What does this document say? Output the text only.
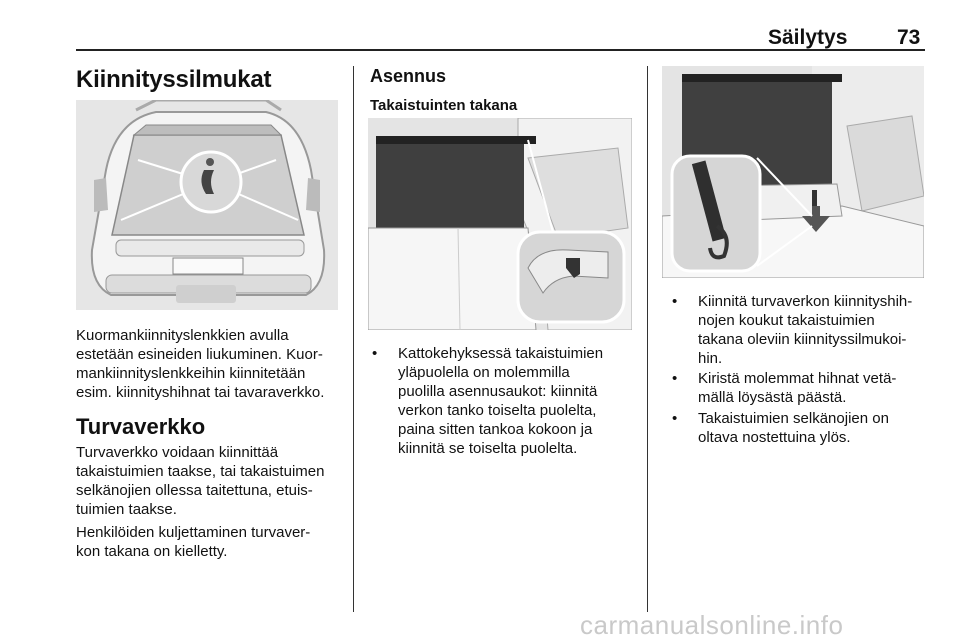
Säilytys 73
Kiinnityssilmukat

Kuormankiinnityslenkkien avulla
estetään esineiden liukuminen. Kuor-
mankiinnityslenkkeihin kiinnitetään
esim. kiinnityshihnat tai tavaraverkko.

Turvaverkko

Turvaverkko voidaan kiinnittää
takaistuimien taakse, tai takaistuimen
selkänojien ollessa taitettuna, etuis-
tuimien taakse.

Henkilöiden kuljettaminen turvaver-
kon takana on kielletty.

Asennus
Takaistuinten takana
• Kattokehyksessä takaistuimien
yläpuolella on molemmilla
puolilla asennusaukot: kiinnitä
verkon tanko toiselta puolelta,
paina sitten tankoa kokoon ja
kiinnitä se toiselta puolelta.
• Kiinnitä turvaverkon kiinnityshih-
nojen koukut takaistuimien
takana oleviin kiinnityssilmukoi-
hin.
• Kiristä molemmat hihnat vetä-
mällä löysästä päästä.
• Takaistuimien selkänojien on
oltava nostettuina ylös.
carmanualsonline.info
